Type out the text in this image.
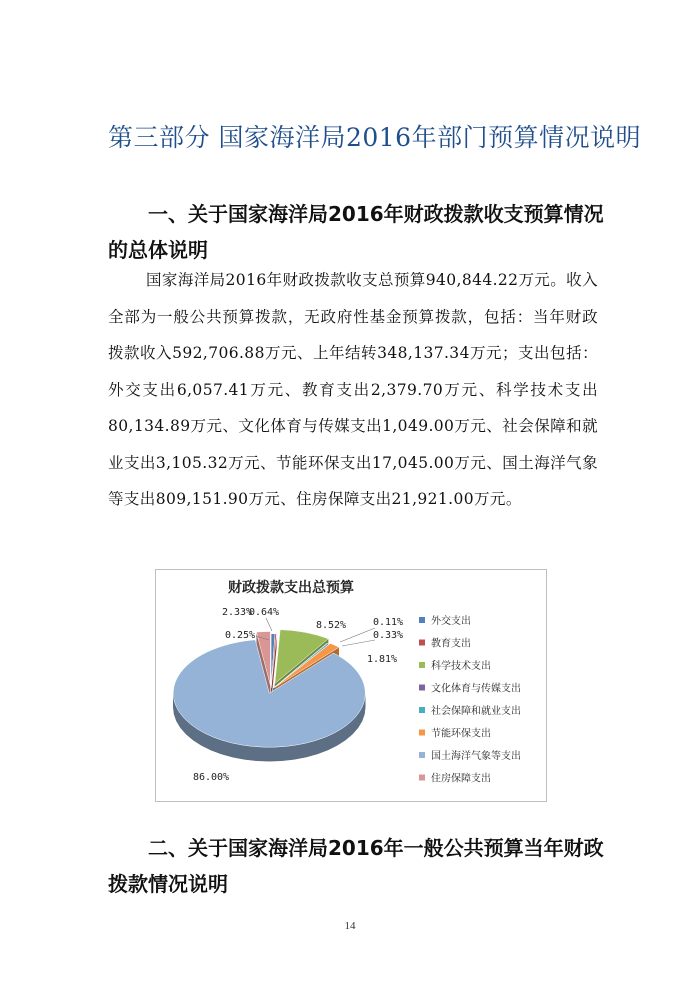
第三部分 国家海洋局2016年部门预算情况说明
一、关于国家海洋局2016年财政拨款收支预算情况的总体说明
国家海洋局2016年财政拨款收支总预算940,844.22万元。收入全部为一般公共预算拨款，无政府性基金预算拨款，包括：当年财政拨款收入592,706.88万元、上年结转348,137.34万元；支出包括：外交支出6,057.41万元、教育支出2,379.70万元、科学技术支出80,134.89万元、文化体育与传媒支出1,049.00万元、社会保障和就业支出3,105.32万元、节能环保支出17,045.00万元、国土海洋气象等支出809,151.90万元、住房保障支出21,921.00万元。
财政拨款支出总预算
0.64%
0.25%
8.52%	0.11%
0.33%
1.81%
86.00%
2.33%
外交支出
教育支出
科学技术支出
文化体育与传媒支出
社会保障和就业支出
节能环保支出
国土海洋气象等支出
住房保障支出
二、关于国家海洋局2016年一般公共预算当年财政拨款情况说明
14
